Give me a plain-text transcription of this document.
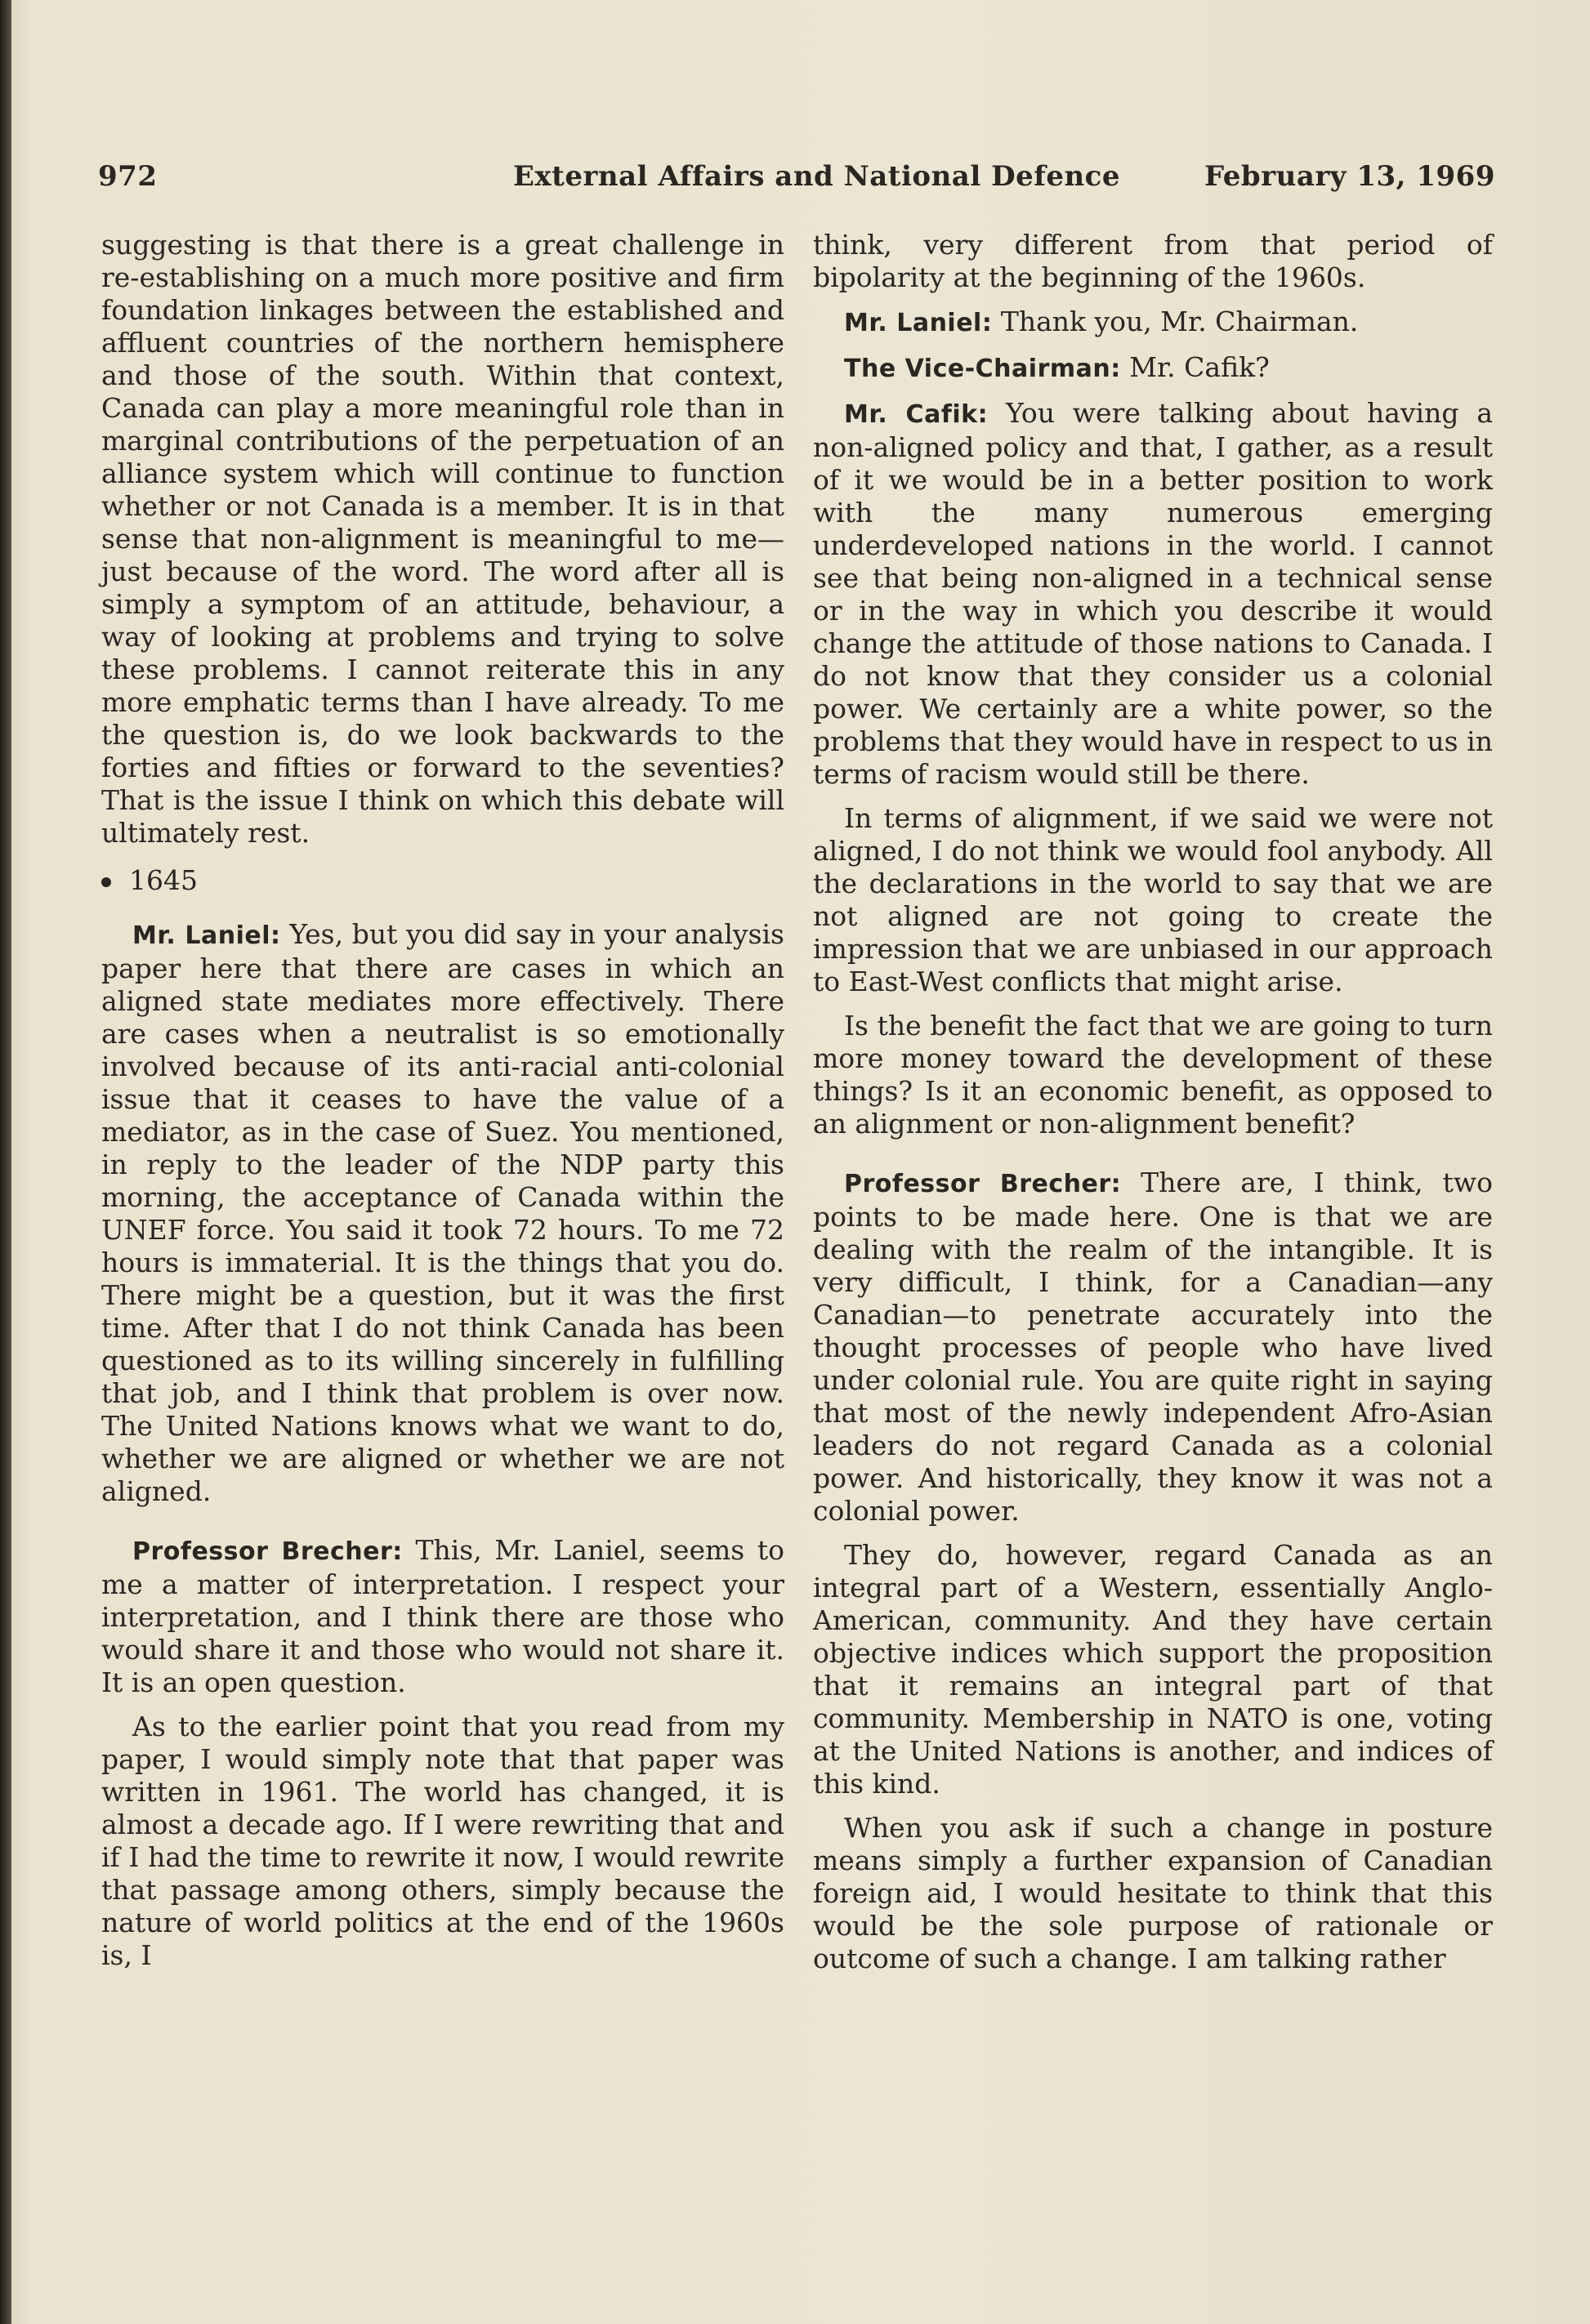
972	External Affairs and National Defence	February 13, 1969

suggesting is that there is a great challenge in re-establishing on a much more positive and firm foundation linkages between the established and affluent countries of the northern hemisphere and those of the south. Within that context, Canada can play a more meaningful role than in marginal contributions of the perpetuation of an alliance system which will continue to function whether or not Canada is a member. It is in that sense that non-alignment is meaningful to me—just because of the word. The word after all is simply a symptom of an attitude, behaviour, a way of looking at problems and trying to solve these problems. I cannot reiterate this in any more emphatic terms than I have already. To me the question is, do we look backwards to the forties and fifties or forward to the seventies? That is the issue I think on which this debate will ultimately rest.

1645

Mr. Laniel: Yes, but you did say in your analysis paper here that there are cases in which an aligned state mediates more effectively. There are cases when a neutralist is so emotionally involved because of its anti-racial anti-colonial issue that it ceases to have the value of a mediator, as in the case of Suez. You mentioned, in reply to the leader of the NDP party this morning, the acceptance of Canada within the UNEF force. You said it took 72 hours. To me 72 hours is immaterial. It is the things that you do. There might be a question, but it was the first time. After that I do not think Canada has been questioned as to its willing sincerely in fulfilling that job, and I think that problem is over now. The United Nations knows what we want to do, whether we are aligned or whether we are not aligned.

Professor Brecher: This, Mr. Laniel, seems to me a matter of interpretation. I respect your interpretation, and I think there are those who would share it and those who would not share it. It is an open question.

As to the earlier point that you read from my paper, I would simply note that that paper was written in 1961. The world has changed, it is almost a decade ago. If I were rewriting that and if I had the time to rewrite it now, I would rewrite that passage among others, simply because the nature of world politics at the end of the 1960s is, I

think, very different from that period of bipolarity at the beginning of the 1960s.

Mr. Laniel: Thank you, Mr. Chairman.

The Vice-Chairman: Mr. Cafik?

Mr. Cafik: You were talking about having a non-aligned policy and that, I gather, as a result of it we would be in a better position to work with the many numerous emerging underdeveloped nations in the world. I cannot see that being non-aligned in a technical sense or in the way in which you describe it would change the attitude of those nations to Canada. I do not know that they consider us a colonial power. We certainly are a white power, so the problems that they would have in respect to us in terms of racism would still be there.

In terms of alignment, if we said we were not aligned, I do not think we would fool anybody. All the declarations in the world to say that we are not aligned are not going to create the impression that we are unbiased in our approach to East-West conflicts that might arise.

Is the benefit the fact that we are going to turn more money toward the development of these things? Is it an economic benefit, as opposed to an alignment or non-alignment benefit?

Professor Brecher: There are, I think, two points to be made here. One is that we are dealing with the realm of the intangible. It is very difficult, I think, for a Canadian—any Canadian—to penetrate accurately into the thought processes of people who have lived under colonial rule. You are quite right in saying that most of the newly independent Afro-Asian leaders do not regard Canada as a colonial power. And historically, they know it was not a colonial power.

They do, however, regard Canada as an integral part of a Western, essentially Anglo-American, community. And they have certain objective indices which support the proposition that it remains an integral part of that community. Membership in NATO is one, voting at the United Nations is another, and indices of this kind.

When you ask if such a change in posture means simply a further expansion of Canadian foreign aid, I would hesitate to think that this would be the sole purpose of rationale or outcome of such a change. I am talking rather
